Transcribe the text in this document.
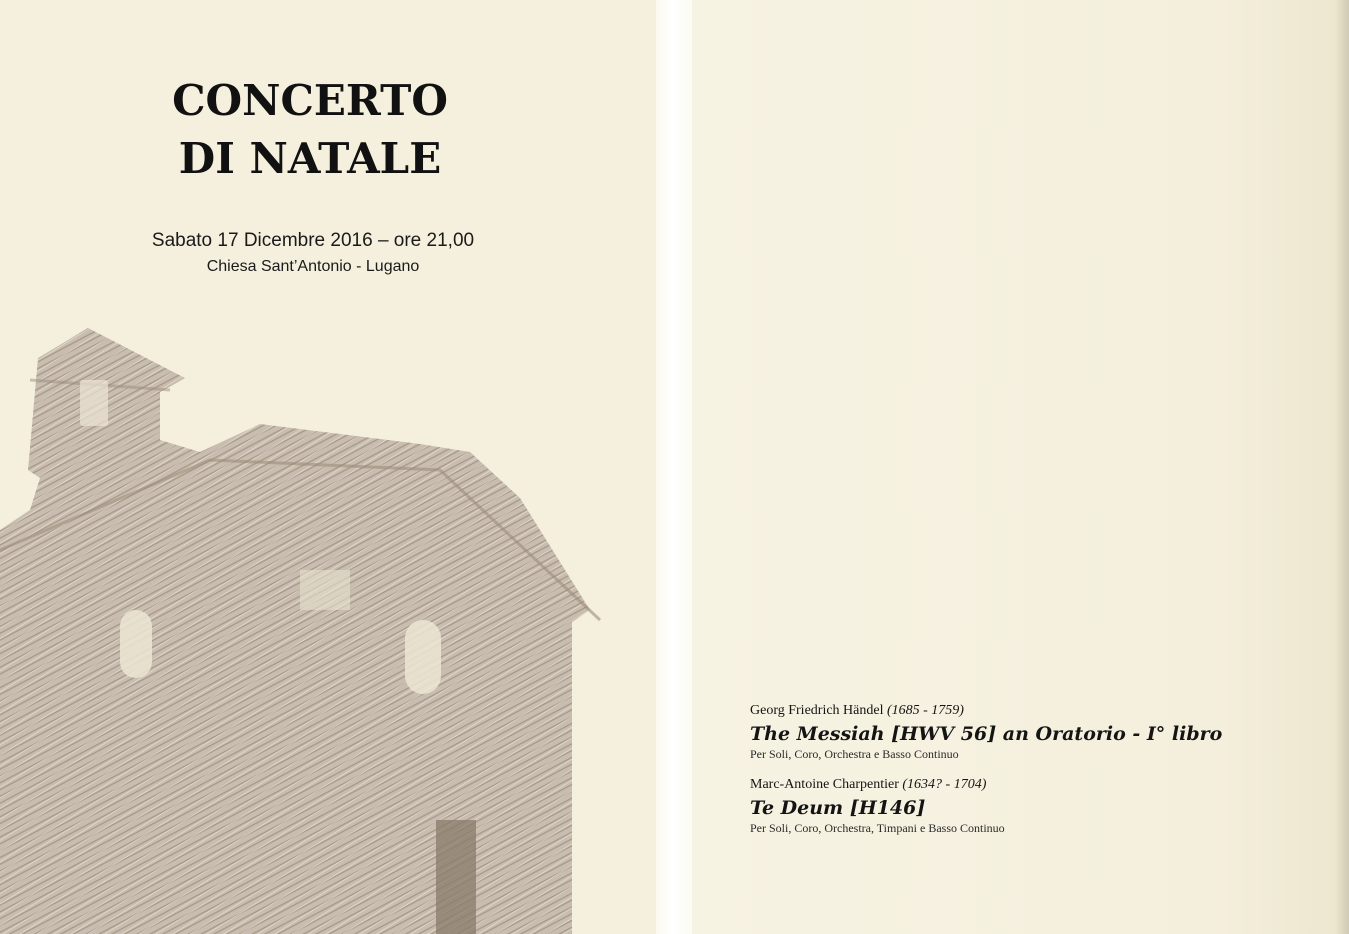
CONCERTO
DI NATALE
Sabato 17 Dicembre 2016 – ore 21,00
Chiesa Sant’Antonio - Lugano

Georg Friedrich Händel (1685 - 1759)

The Messiah [HWV 56] an Oratorio - I° libro

Per Soli, Coro, Orchestra e Basso Continuo

Marc-Antoine Charpentier (1634? - 1704)

Te Deum [H146]

Per Soli, Coro, Orchestra, Timpani e Basso Continuo
